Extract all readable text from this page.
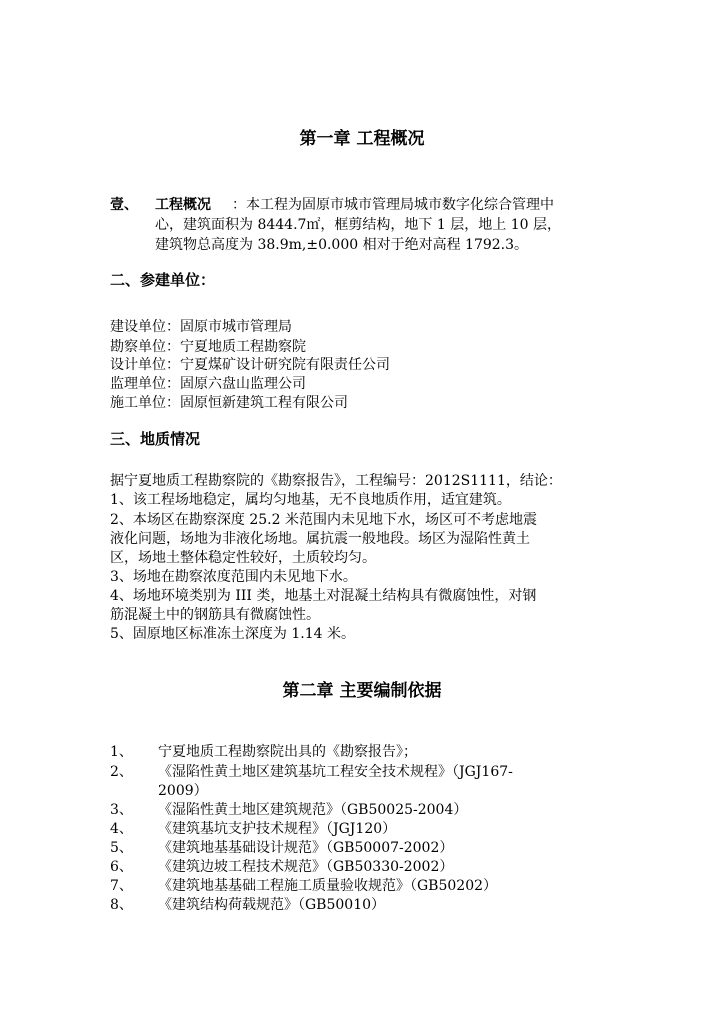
第一章 工程概况
壹、 工程概况 ：本工程为固原市城市管理局城市数字化综合管理中
心，建筑面积为 8444.7㎡，框剪结构，地下 1 层，地上 10 层，
建筑物总高度为 38.9m,±0.000 相对于绝对高程 1792.3。
二、参建单位：
建设单位：固原市城市管理局
勘察单位：宁夏地质工程勘察院
设计单位：宁夏煤矿设计研究院有限责任公司
监理单位：固原六盘山监理公司
施工单位：固原恒新建筑工程有限公司
三、地质情况
据宁夏地质工程勘察院的《勘察报告》，工程编号：2012S1111，结论：
1、该工程场地稳定，属均匀地基，无不良地质作用，适宜建筑。
2、本场区在勘察深度 25.2 米范围内未见地下水，场区可不考虑地震
液化问题，场地为非液化场地。属抗震一般地段。场区为湿陷性黄土
区，场地土整体稳定性较好，土质较均匀。
3、场地在勘察浓度范围内未见地下水。
4、场地环境类别为 III 类，地基土对混凝土结构具有微腐蚀性，对钢
筋混凝土中的钢筋具有微腐蚀性。
5、固原地区标准冻土深度为 1.14 米。
第二章 主要编制依据
1、 宁夏地质工程勘察院出具的《勘察报告》；
2、 《湿陷性黄土地区建筑基坑工程安全技术规程》（JGJ167-
2009）
3、 《湿陷性黄土地区建筑规范》（GB50025-2004）
4、 《建筑基坑支护技术规程》（JGJ120）
5、 《建筑地基基础设计规范》（GB50007-2002）
6、 《建筑边坡工程技术规范》（GB50330-2002）
7、 《建筑地基基础工程施工质量验收规范》（GB50202）
8、 《建筑结构荷载规范》（GB50010）
